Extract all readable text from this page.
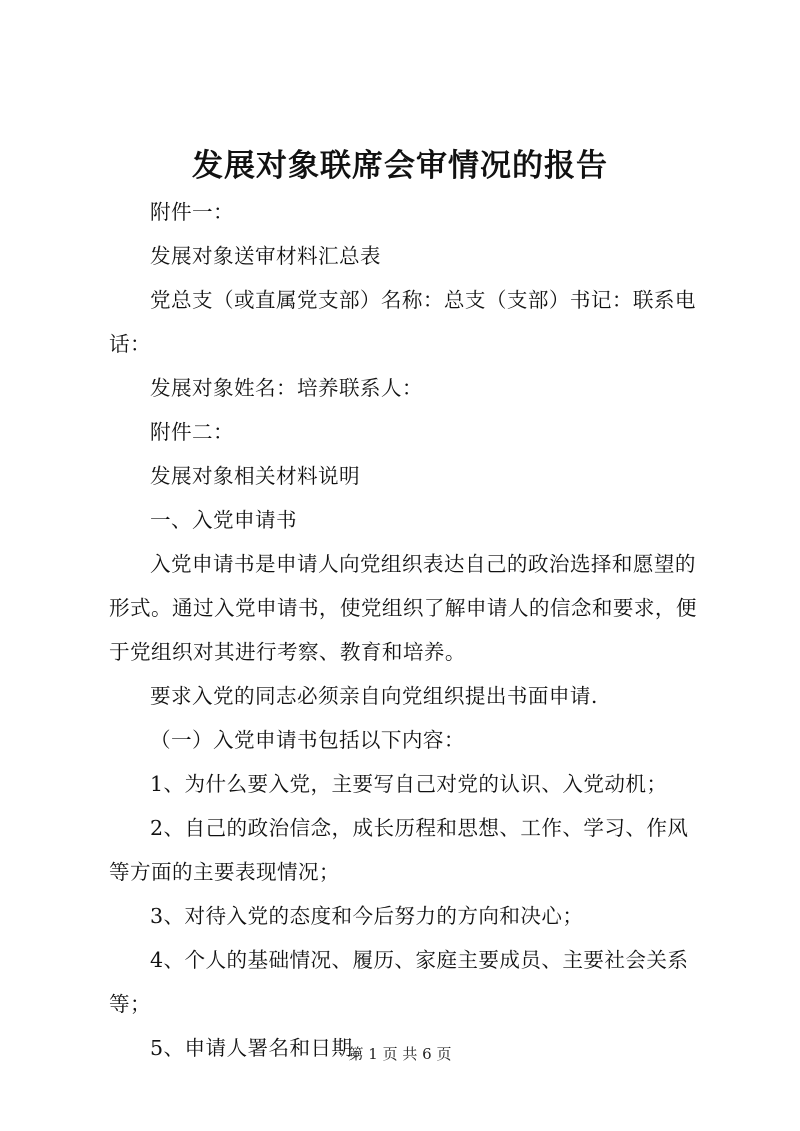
发展对象联席会审情况的报告

附件一：

发展对象送审材料汇总表

党总支（或直属党支部）名称：总支（支部）书记：联系电话：

发展对象姓名：培养联系人：

附件二：

发展对象相关材料说明

一、入党申请书

入党申请书是申请人向党组织表达自己的政治选择和愿望的形式。通过入党申请书，使党组织了解申请人的信念和要求，便于党组织对其进行考察、教育和培养。

要求入党的同志必须亲自向党组织提出书面申请.

（一）入党申请书包括以下内容：

1、为什么要入党，主要写自己对党的认识、入党动机；

2、自己的政治信念，成长历程和思想、工作、学习、作风等方面的主要表现情况；

3、对待入党的态度和今后努力的方向和决心；

4、个人的基础情况、履历、家庭主要成员、主要社会关系等；

5、申请人署名和日期。

第 1 页 共 6 页
